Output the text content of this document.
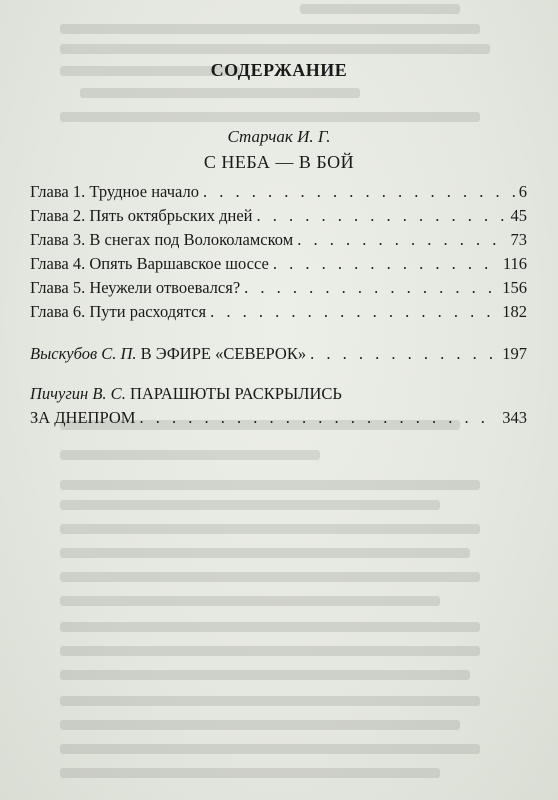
СОДЕРЖАНИЕ
Старчак И. Г.
С НЕБА — В БОЙ
Глава 1. Трудное начало . . .	6
Глава 2. Пять октябрьских дней . . .	45
Глава 3. В снегах под Волоколамском . . .	73
Глава 4. Опять Варшавское шоссе . . .	116
Глава 5. Неужели отвоевался? . . .	156
Глава 6. Пути расходятся . . .	182
Выскубов С. П. В ЭФИРЕ «СЕВЕРОК» . . .	197
Пичугин В. С. ПАРАШЮТЫ РАСКРЫЛИСЬ
ЗА ДНЕПРОМ . . .	343
